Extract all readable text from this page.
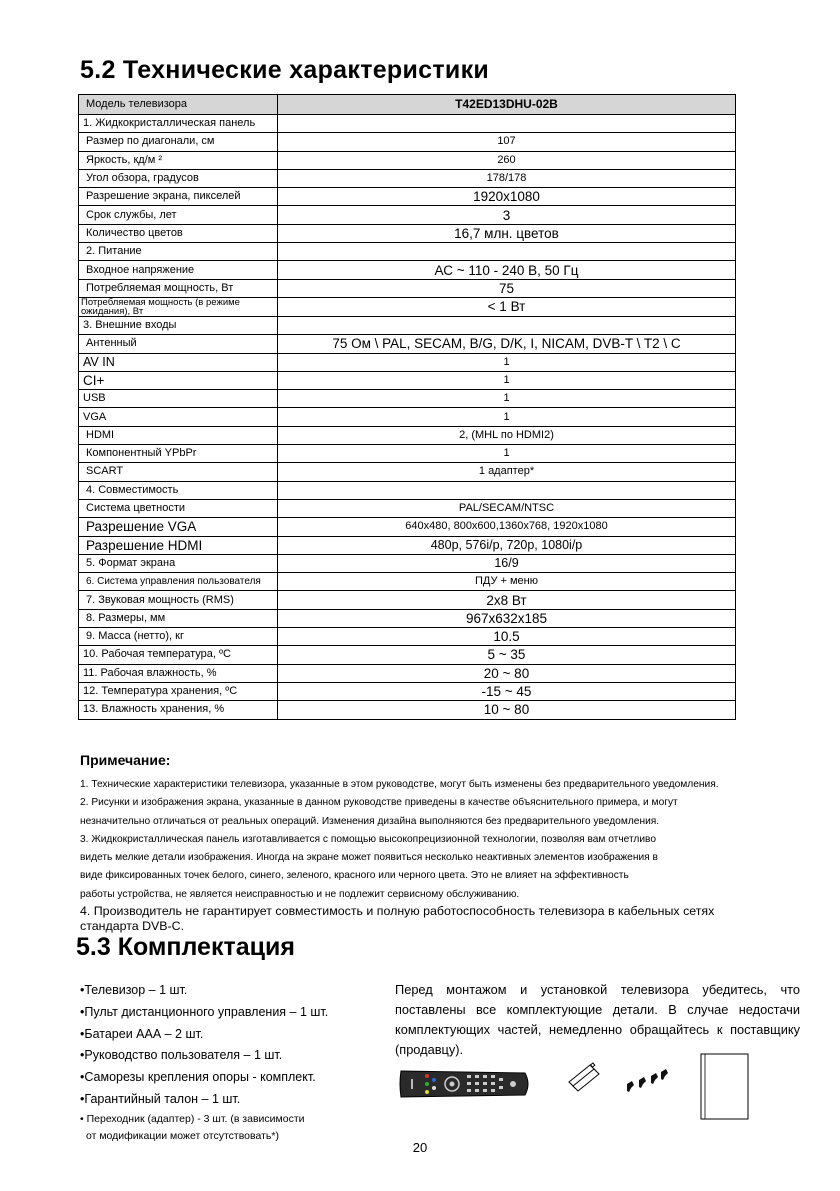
5.2 Технические характеристики
Модель телевизора	T42ED13DHU-02B
1. Жидкокристаллическая панель	
Размер по диагонали, см	107
Яркость, кд/м ²	260
Угол обзора, градусов	178/178
Разрешение экрана, пикселей	1920x1080
Срок службы, лет	3
Количество цветов	16,7 млн. цветов
2. Питание	
Входное напряжение	АС ~ 110 - 240 В, 50 Гц
Потребляемая мощность, Вт	75
Потребляемая мощность (в режиме ожидания), Вт	< 1 Вт
3. Внешние входы	
Антенный	75 Ом \ PAL, SECAM, B/G, D/K, I, NICAM, DVB-T \ T2 \ C
AV IN	1
CI+	1
USB	1
VGA	1
HDMI	2, (MHL по HDMI2)
Компонентный YPbPr	1
SCART	1 адаптер*
4. Совместимость	
Система цветности	PAL/SECAM/NTSC
Разрешение VGA	640x480, 800x600,1360x768, 1920x1080
Разрешение HDMI	480p, 576i/p, 720p, 1080i/p
5. Формат экрана	16/9
6. Система управления пользователя	ПДУ + меню
7. Звуковая мощность (RMS)	2x8 Вт
8. Размеры, мм	967x632x185
9. Масса (нетто), кг	10.5
10. Рабочая температура, ºС	5 ~ 35
11. Рабочая влажность, %	20 ~ 80
12. Температура хранения, ºС	-15 ~ 45
13. Влажность хранения, %	10 ~ 80
Примечание:
1. Технические характеристики телевизора, указанные в этом руководстве, могут быть изменены без предварительного уведомления.
2. Рисунки и изображения экрана, указанные в данном руководстве приведены в качестве объяснительного примера, и могут
незначительно отличаться от реальных операций. Изменения дизайна выполняются без предварительного уведомления.
3. Жидкокристаллическая панель изготавливается с помощью высокопрецизионной технологии, позволяя вам отчетливо
видеть мелкие детали изображения. Иногда на экране может появиться несколько неактивных элементов изображения в
виде фиксированных точек белого, синего, зеленого, красного или черного цвета. Это не влияет на эффективность
работы устройства, не является неисправностью и не подлежит сервисному обслуживанию.
4. Производитель не гарантирует совместимость и полную работоспособность телевизора в кабельных сетях стандарта DVB-C.
5.3 Комплектация
•Телевизор – 1 шт.
•Пульт дистанционного управления – 1 шт.
•Батареи ААА – 2 шт.
•Руководство пользователя – 1 шт.
•Саморезы крепления опоры - комплект.
•Гарантийный талон – 1 шт.
• Переходник (адаптер) - 3 шт. (в зависимости
от модификации может отсутствовать*)
Перед монтажом и установкой телевизора убедитесь, что поставлены все комплектующие детали. В случае недостачи комплектующих частей, немедленно обращайтесь к поставщику (продавцу).
20
